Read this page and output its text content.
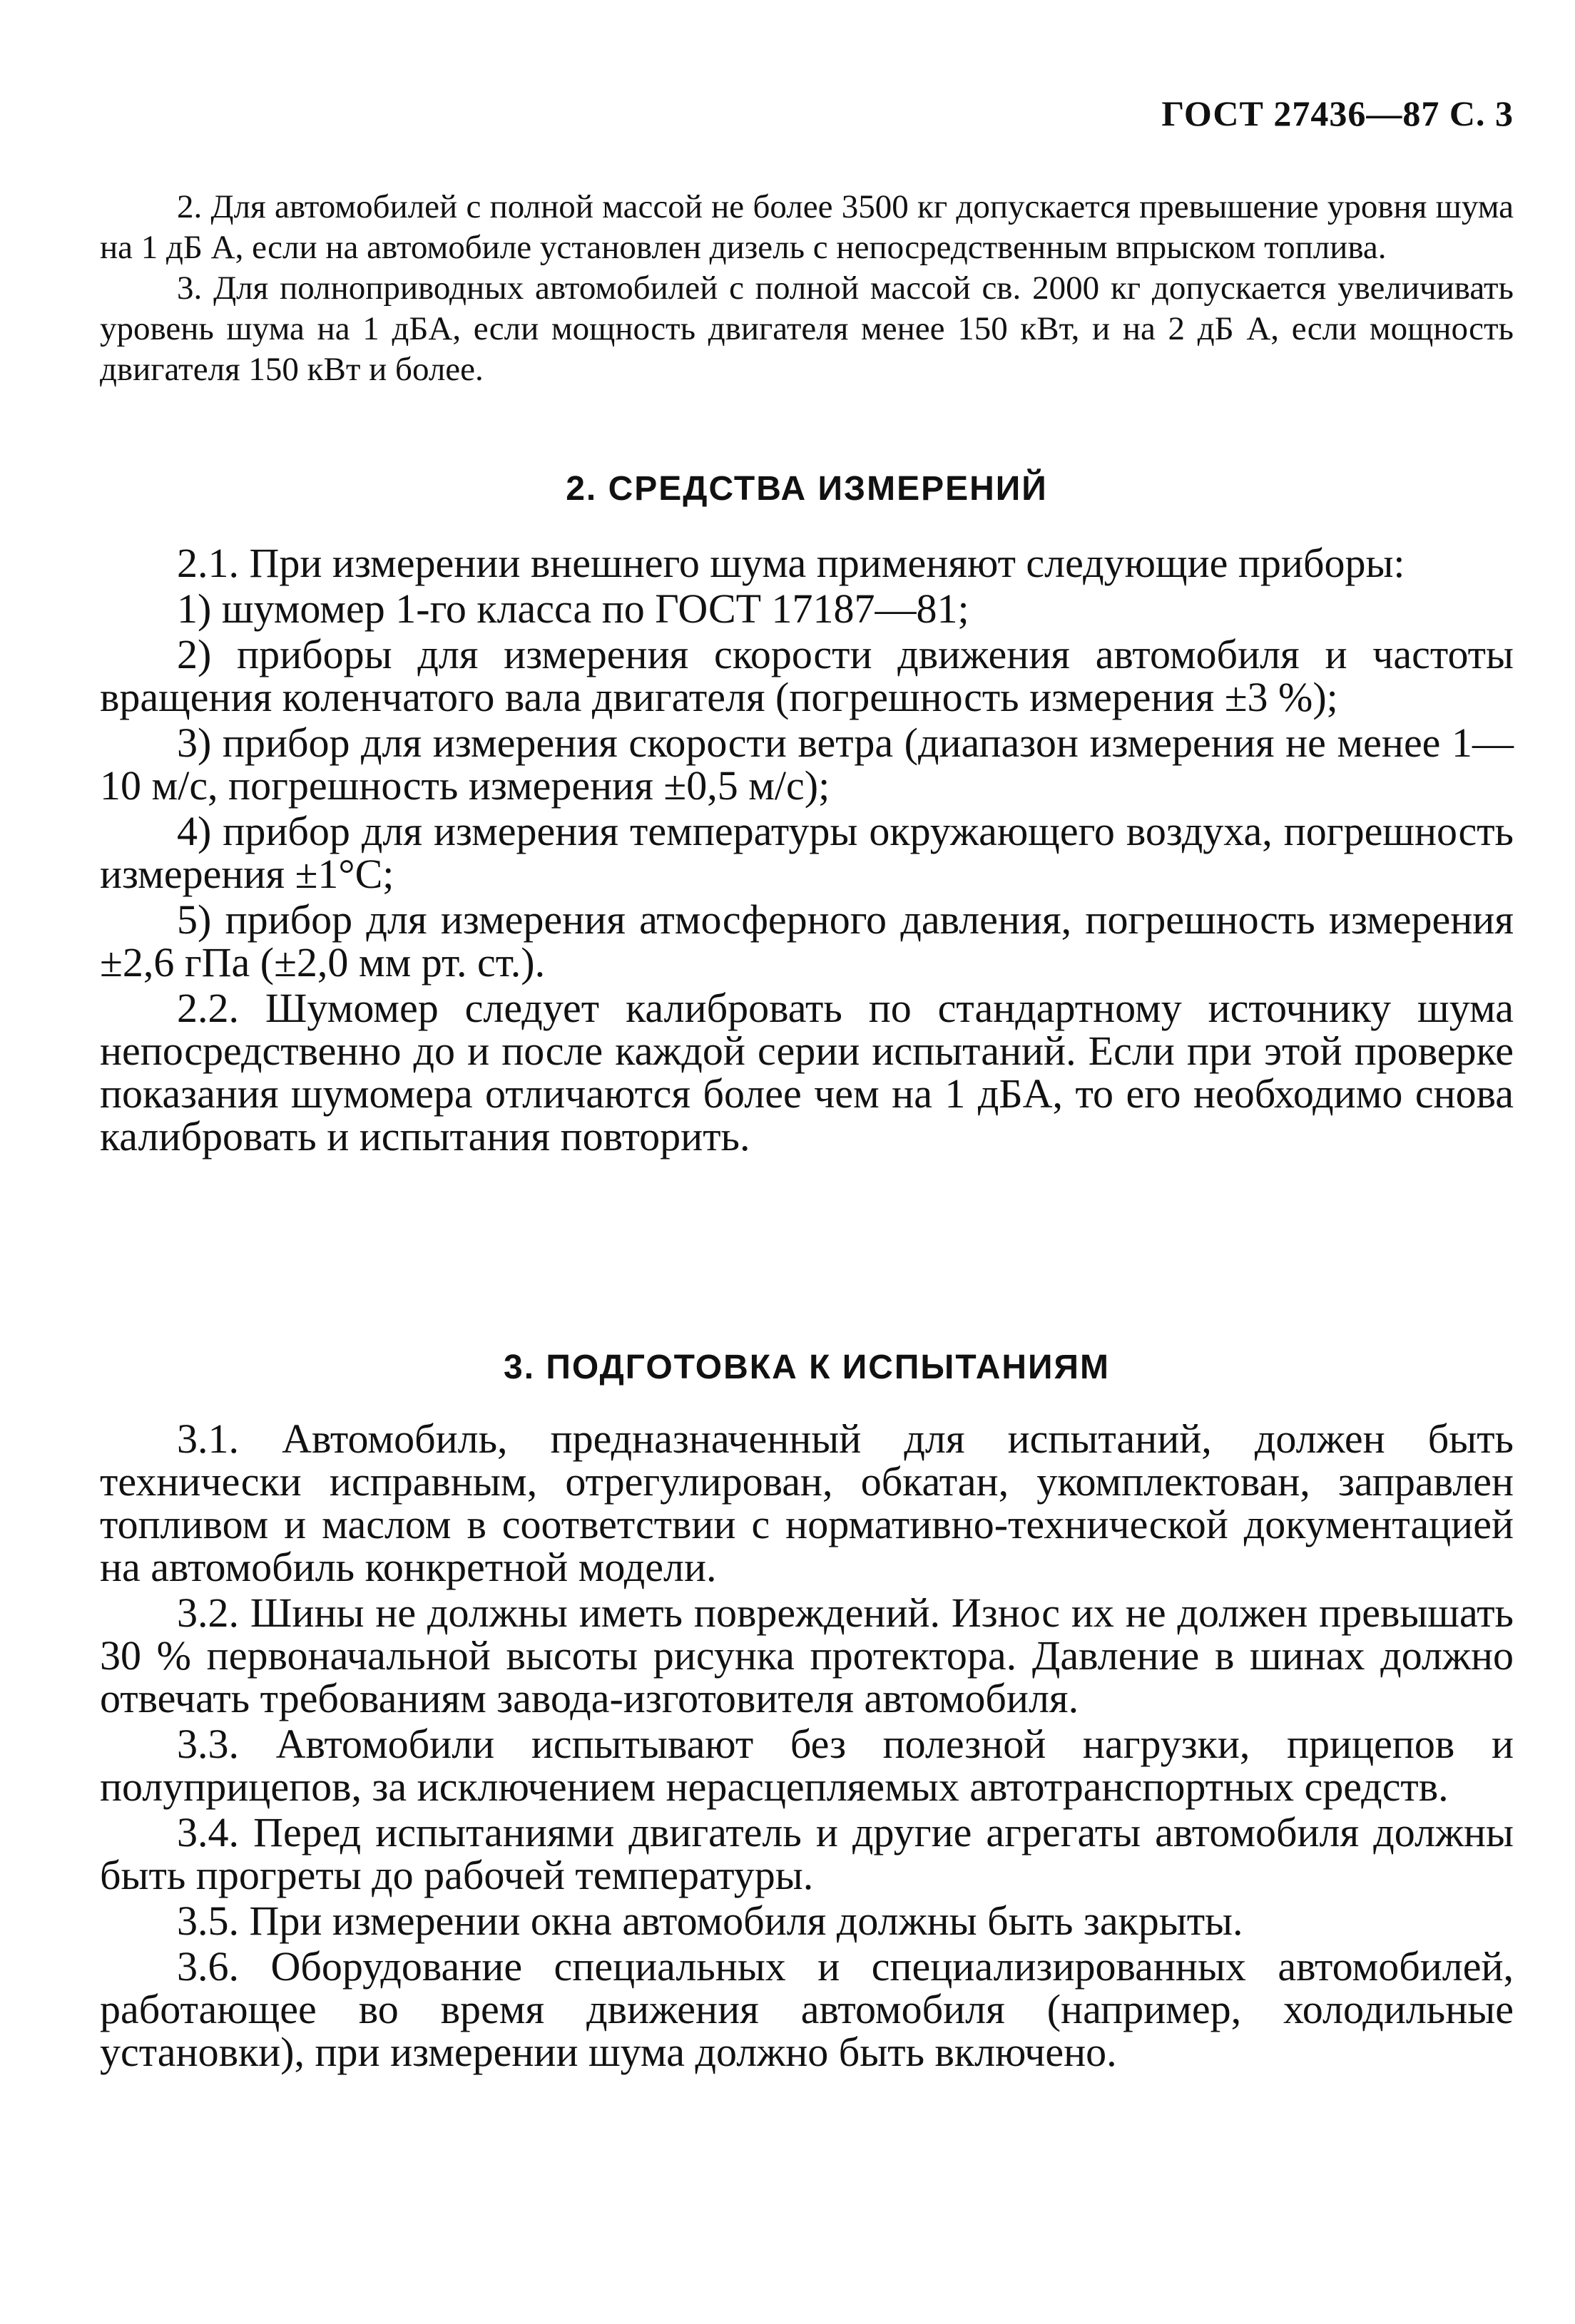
ГОСТ 27436—87 С. 3

2. Для автомобилей с полной массой не более 3500 кг допускается превышение уровня шума на 1 дБ A, если на автомобиле установлен дизель с непосредственным впрыском топлива.

3. Для полноприводных автомобилей с полной массой св. 2000 кг допускается увеличивать уровень шума на 1 дБA, если мощность двигателя менее 150 кВт, и на 2 дБ A, если мощность двигателя 150 кВт и более.

2. СРЕДСТВА ИЗМЕРЕНИЙ

2.1. При измерении внешнего шума применяют следующие приборы:

1) шумомер 1-го класса по ГОСТ 17187—81;

2) приборы для измерения скорости движения автомобиля и частоты вращения коленчатого вала двигателя (погрешность измерения ±3 %);

3) прибор для измерения скорости ветра (диапазон измерения не менее 1—10 м/с, погрешность измерения ±0,5 м/с);

4) прибор для измерения температуры окружающего воздуха, погрешность измерения ±1°С;

5) прибор для измерения атмосферного давления, погрешность измерения ±2,6 гПа (±2,0 мм рт. ст.).

2.2. Шумомер следует калибровать по стандартному источнику шума непосредственно до и после каждой серии испытаний. Если при этой проверке показания шумомера отличаются более чем на 1 дБA, то его необходимо снова калибровать и испытания повторить.

3. ПОДГОТОВКА К ИСПЫТАНИЯМ

3.1. Автомобиль, предназначенный для испытаний, должен быть технически исправным, отрегулирован, обкатан, укомплектован, заправлен топливом и маслом в соответствии с нормативно-технической документацией на автомобиль конкретной модели.

3.2. Шины не должны иметь повреждений. Износ их не должен превышать 30 % первоначальной высоты рисунка протектора. Давление в шинах должно отвечать требованиям завода-изготовителя автомобиля.

3.3. Автомобили испытывают без полезной нагрузки, прицепов и полуприцепов, за исключением нерасцепляемых автотранспортных средств.

3.4. Перед испытаниями двигатель и другие агрегаты автомобиля должны быть прогреты до рабочей температуры.

3.5. При измерении окна автомобиля должны быть закрыты.

3.6. Оборудование специальных и специализированных автомобилей, работающее во время движения автомобиля (например, холодильные установки), при измерении шума должно быть включено.
